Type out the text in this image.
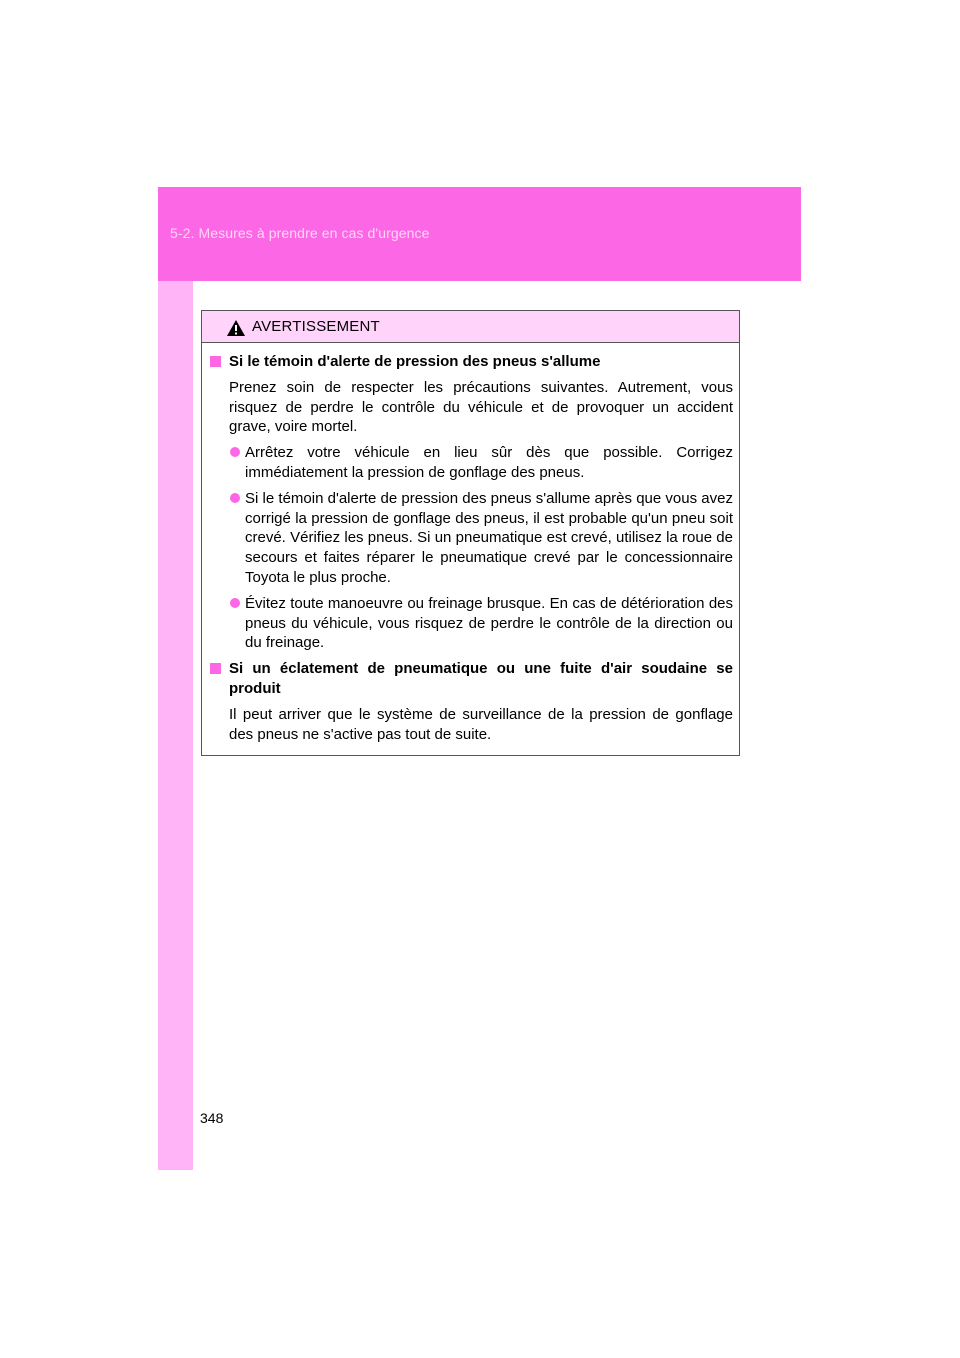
5-2. Mesures à prendre en cas d'urgence
AVERTISSEMENT
Si le témoin d'alerte de pression des pneus s'allume
Prenez soin de respecter les précautions suivantes. Autrement, vous risquez de perdre le contrôle du véhicule et de provoquer un accident grave, voire mortel.
Arrêtez votre véhicule en lieu sûr dès que possible. Corrigez immédiatement la pression de gonflage des pneus.
Si le témoin d'alerte de pression des pneus s'allume après que vous avez corrigé la pression de gonflage des pneus, il est probable qu'un pneu soit crevé. Vérifiez les pneus. Si un pneumatique est crevé, utilisez la roue de secours et faites réparer le pneumatique crevé par le concessionnaire Toyota le plus proche.
Évitez toute manoeuvre ou freinage brusque. En cas de détérioration des pneus du véhicule, vous risquez de perdre le contrôle de la direction ou du freinage.
Si un éclatement de pneumatique ou une fuite d'air soudaine se produit
Il peut arriver que le système de surveillance de la pression de gonflage des pneus ne s'active pas tout de suite.
348
